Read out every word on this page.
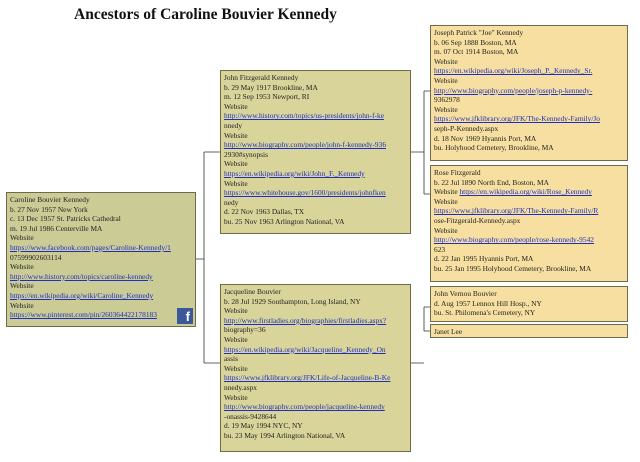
Ancestors of Caroline Bouvier Kennedy
Caroline Bouvier Kennedy
b. 27 Nov 1957 New York
c. 13 Dec 1957 St. Patricks Cathedral
m. 19 Jul 1986 Centerville MA
Website
https://www.facebook.com/pages/Caroline-Kennedy/1
07599902603114
Website
http://www.history.com/topics/caroline-kennedy
Website
https://en.wikipedia.org/wiki/Caroline_Kennedy
Website
https://www.pinterest.com/pin/260364422178183	f
John Fitzgerald Kennedy
b. 29 May 1917 Brookline, MA
m. 12 Sep 1953 Newport, RI
Website
http://www.history.com/topics/us-presidents/john-f-ke
nnedy
Website
http://www.biography.com/people/john-f-kennedy-936
2930#synopsis
Website
https://en.wikipedia.org/wiki/John_F._Kennedy
Website
https://www.whitehouse.gov/1600/presidents/johnfken
nedy
d. 22 Nov 1963 Dallas, TX
bu. 25 Nov 1963 Arlington National, VA
Jacqueline Bouvier
b. 28 Jul 1929 Southampton, Long Island, NY
Website
http://www.firstladies.org/biographies/firstladies.aspx?
biography=36
Website
https://en.wikipedia.org/wiki/Jacqueline_Kennedy_On
assis
Website
https://www.jfklibrary.org/JFK/Life-of-Jacqueline-B-Ke
nnedy.aspx
Website
http://www.biography.com/people/jacqueline-kennedy
-onassis-9428644
d. 19 May 1994 NYC, NY
bu. 23 May 1994 Arlington National, VA
Joseph Patrick "Joe" Kennedy
b. 06 Sep 1888 Boston, MA
m. 07 Oct 1914 Boston, MA
Website
https://en.wikipedia.org/wiki/Joseph_P._Kennedy_Sr.
Website
http://www.biography.com/people/joseph-p-kennedy-
9362978
Website
https://www.jfklibrary.org/JFK/The-Kennedy-Family/Jo
seph-P-Kennedy.aspx
d. 18 Nov 1969 Hyannis Port, MA
bu. Holyhood Cemetery, Brookline, MA
Rose Fitzgerald
b. 22 Jul 1890 North End, Boston, MA
Website https://en.wikipedia.org/wiki/Rose_Kennedy
Website
https://www.jfklibrary.org/JFK/The-Kennedy-Family/R
ose-Fitzgerald-Kennedy.aspx
Website
http://www.biography.com/people/rose-kennedy-9542
623
d. 22 Jan 1995 Hyannis Port, MA
bu. 25 Jan 1995 Holyhood Cemetery, Brookline, MA
John Vernou Bouvier
d. Aug 1957 Lennox Hill Hosp., NY
bu. St. Philomena's Cemetery, NY
Janet Lee
